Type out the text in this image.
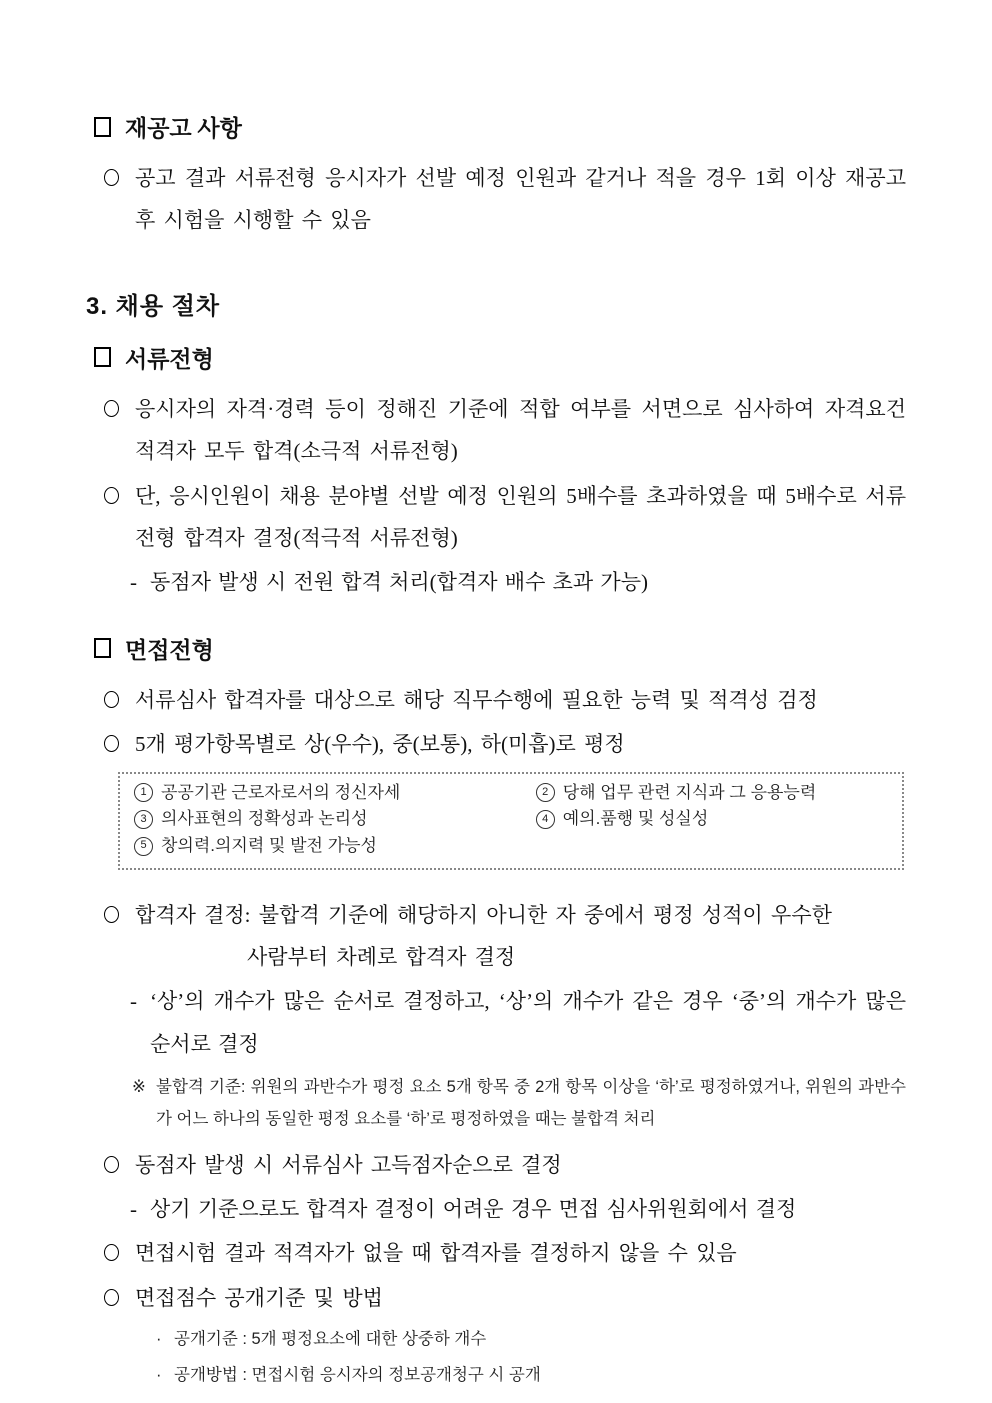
재공고 사항
공고 결과 서류전형 응시자가 선발 예정 인원과 같거나 적을 경우 1회 이상 재공고 후 시험을 시행할 수 있음
3. 채용 절차
서류전형
응시자의 자격·경력 등이 정해진 기준에 적합 여부를 서면으로 심사하여 자격요건 적격자 모두 합격(소극적 서류전형)
단, 응시인원이 채용 분야별 선발 예정 인원의 5배수를 초과하였을 때 5배수로 서류전형 합격자 결정(적극적 서류전형)
- 동점자 발생 시 전원 합격 처리(합격자 배수 초과 가능)
면접전형
서류심사 합격자를 대상으로 해당 직무수행에 필요한 능력 및 적격성 검정
5개 평가항목별로 상(우수), 중(보통), 하(미흡)로 평정
1 공공기관 근로자로서의 정신자세	2 당해 업무 관련 지식과 그 응용능력
3 의사표현의 정확성과 논리성	4 예의.품행 및 성실성
5 창의력.의지력 및 발전 가능성
합격자 결정: 불합격 기준에 해당하지 아니한 자 중에서 평정 성적이 우수한
사람부터 차례로 합격자 결정
- ‘상’의 개수가 많은 순서로 결정하고, ‘상’의 개수가 같은 경우 ‘중’의 개수가 많은 순서로 결정
※ 불합격 기준: 위원의 과반수가 평정 요소 5개 항목 중 2개 항목 이상을 ‘하’로 평정하였거나, 위원의 과반수가 어느 하나의 동일한 평정 요소를 ‘하’로 평정하였을 때는 불합격 처리
동점자 발생 시 서류심사 고득점자순으로 결정
- 상기 기준으로도 합격자 결정이 어려운 경우 면접 심사위원회에서 결정
면접시험 결과 적격자가 없을 때 합격자를 결정하지 않을 수 있음
면접점수 공개기준 및 방법
· 공개기준 : 5개 평정요소에 대한 상중하 개수
· 공개방법 : 면접시험 응시자의 정보공개청구 시 공개
